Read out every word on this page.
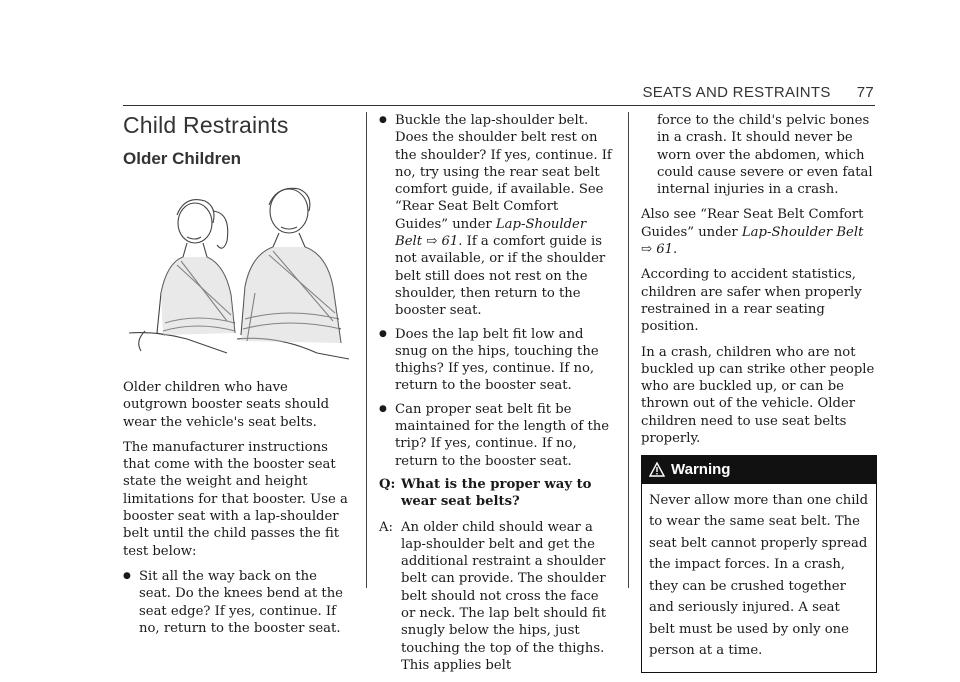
SEATS AND RESTRAINTS 77
Child Restraints
Older Children

Older children who have outgrown booster seats should wear the vehicle's seat belts.

The manufacturer instructions that come with the booster seat state the weight and height limitations for that booster. Use a booster seat with a lap-shoulder belt until the child passes the fit test below:

● Sit all the way back on the seat. Do the knees bend at the seat edge? If yes, continue. If no, return to the booster seat.
● Buckle the lap-shoulder belt. Does the shoulder belt rest on the shoulder? If yes, continue. If no, try using the rear seat belt comfort guide, if available. See “Rear Seat Belt Comfort Guides” under Lap-Shoulder Belt ⇨ 61. If a comfort guide is not available, or if the shoulder belt still does not rest on the shoulder, then return to the booster seat.
● Does the lap belt fit low and snug on the hips, touching the thighs? If yes, continue. If no, return to the booster seat.
● Can proper seat belt fit be maintained for the length of the trip? If yes, continue. If no, return to the booster seat.
Q: What is the proper way to wear seat belts?
A: An older child should wear a lap-shoulder belt and get the additional restraint a shoulder belt can provide. The shoulder belt should not cross the face or neck. The lap belt should fit snugly below the hips, just touching the top of the thighs. This applies belt

force to the child's pelvic bones in a crash. It should never be worn over the abdomen, which could cause severe or even fatal internal injuries in a crash.

Also see “Rear Seat Belt Comfort Guides” under Lap-Shoulder Belt ⇨ 61.

According to accident statistics, children are safer when properly restrained in a rear seating position.

In a crash, children who are not buckled up can strike other people who are buckled up, or can be thrown out of the vehicle. Older children need to use seat belts properly.

Warning
Never allow more than one child to wear the same seat belt. The seat belt cannot properly spread the impact forces. In a crash, they can be crushed together and seriously injured. A seat belt must be used by only one person at a time.
